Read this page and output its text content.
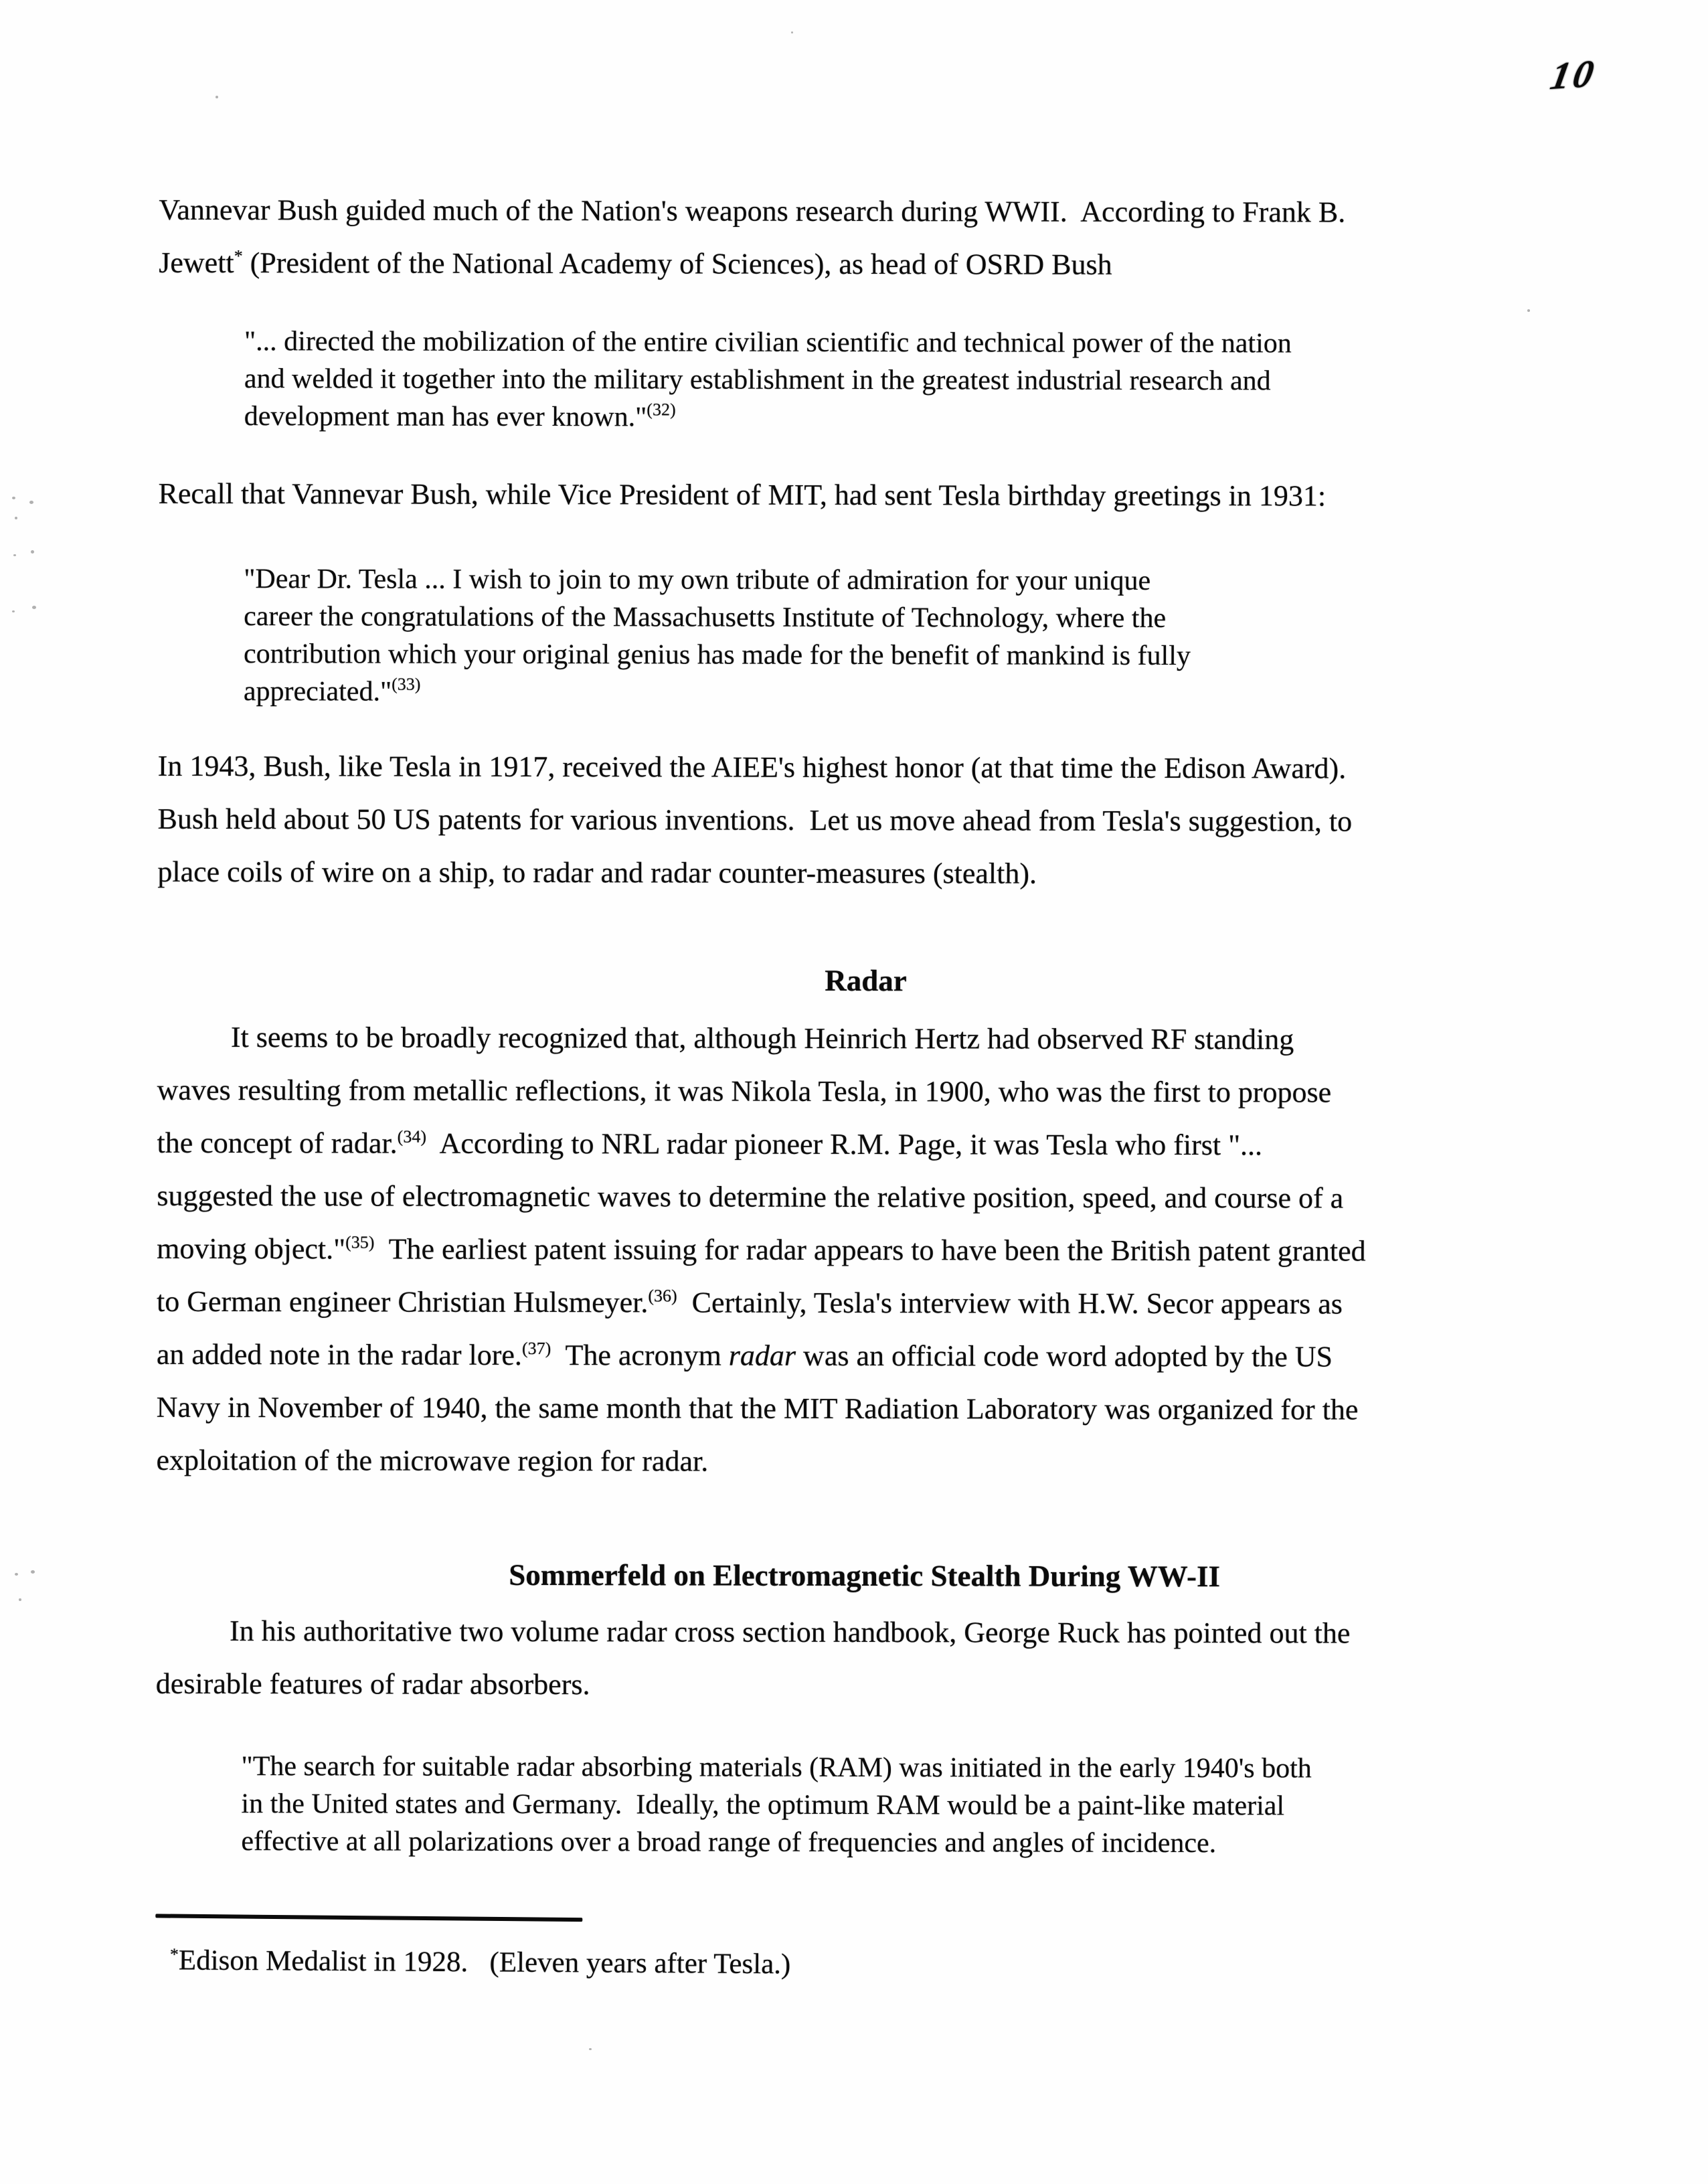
10
Vannevar Bush guided much of the Nation's weapons research during WWII.  According to Frank B.
Jewett* (President of the National Academy of Sciences), as head of OSRD Bush
"... directed the mobilization of the entire civilian scientific and technical power of the nation
and welded it together into the military establishment in the greatest industrial research and
development man has ever known."$^{(32)}$
Recall that Vannevar Bush, while Vice President of MIT, had sent Tesla birthday greetings in 1931:
"Dear Dr. Tesla ... I wish to join to my own tribute of admiration for your unique
career the congratulations of the Massachusetts Institute of Technology, where the
contribution which your original genius has made for the benefit of mankind is fully
appreciated."$^{(33)}$
In 1943, Bush, like Tesla in 1917, received the AIEE's highest honor (at that time the Edison Award).
Bush held about 50 US patents for various inventions.  Let us move ahead from Tesla's suggestion, to
place coils of wire on a ship, to radar and radar counter-measures (stealth).
Radar
It seems to be broadly recognized that, although Heinrich Hertz had observed RF standing
waves resulting from metallic reflections, it was Nikola Tesla, in 1900, who was the first to propose
the concept of radar.$^{(34)}$  According to NRL radar pioneer R.M. Page, it was Tesla who first "...
suggested the use of electromagnetic waves to determine the relative position, speed, and course of a
moving object."$^{(35)}$  The earliest patent issuing for radar appears to have been the British patent granted
to German engineer Christian Hulsmeyer.$^{(36)}$  Certainly, Tesla's interview with H.W. Secor appears as
an added note in the radar lore.$^{(37)}$  The acronym radar was an official code word adopted by the US
Navy in November of 1940, the same month that the MIT Radiation Laboratory was organized for the
exploitation of the microwave region for radar.
Sommerfeld on Electromagnetic Stealth During WW-II
In his authoritative two volume radar cross section handbook, George Ruck has pointed out the
desirable features of radar absorbers.
"The search for suitable radar absorbing materials (RAM) was initiated in the early 1940's both
in the United states and Germany.  Ideally, the optimum RAM would be a paint-like material
effective at all polarizations over a broad range of frequencies and angles of incidence.
*Edison Medalist in 1928.   (Eleven years after Tesla.)
